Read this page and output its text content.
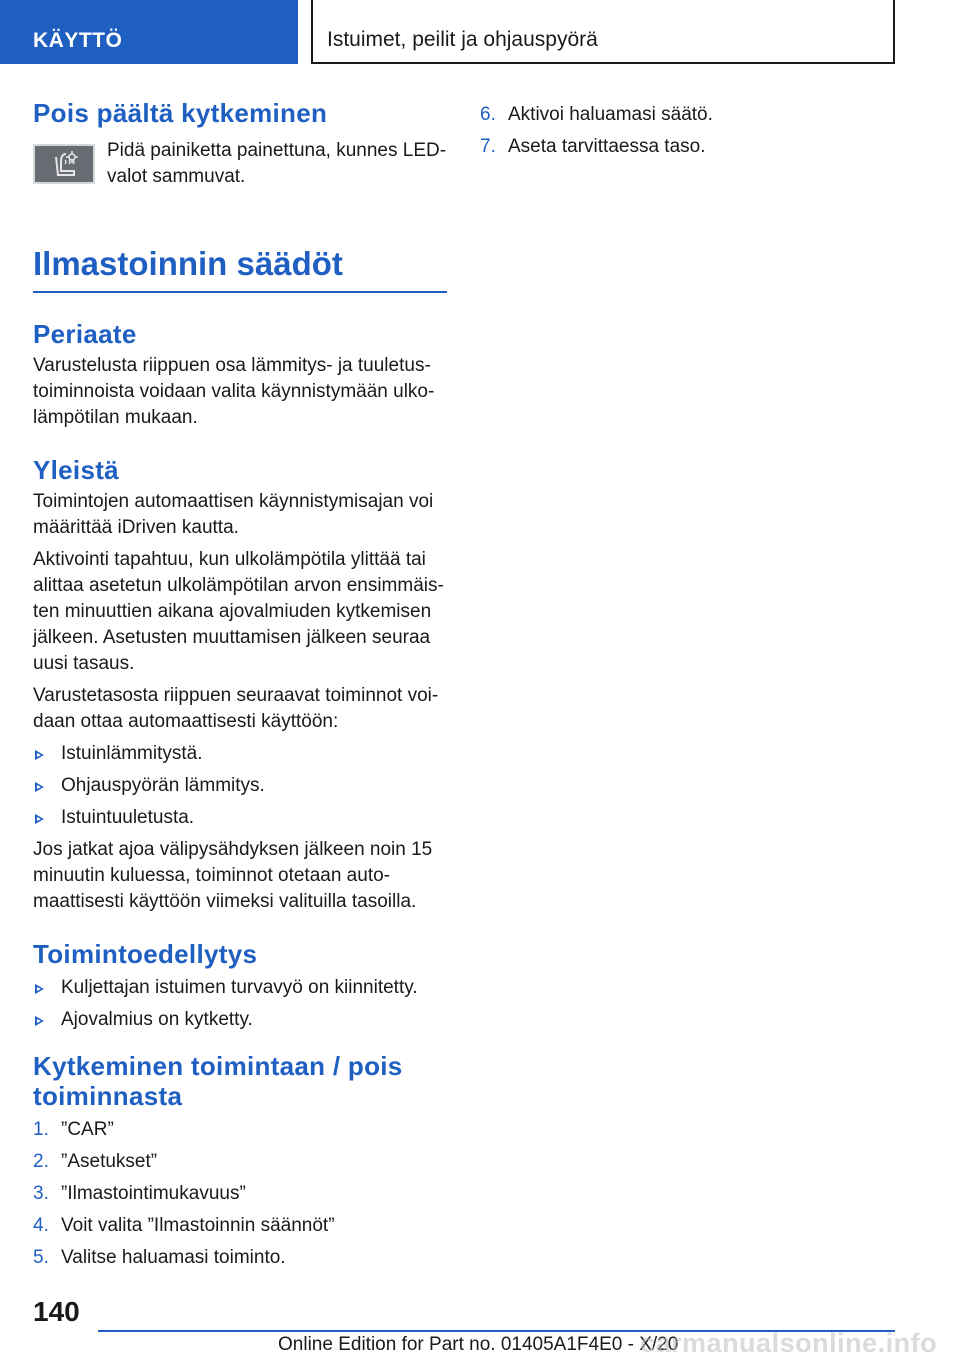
KÄYTTÖ	Istuimet, peilit ja ohjauspyörä
Pois päältä kytkeminen
Pidä painiketta painettuna, kunnes LED-valot sammuvat.
Ilmastoinnin säädöt
Periaate

Varustelusta riippuen osa lämmitys- ja tuuletus-toiminnoista voidaan valita käynnistymään ulko-lämpötilan mukaan.

Yleistä

Toimintojen automaattisen käynnistymisajan voi määrittää iDriven kautta.

Aktivointi tapahtuu, kun ulkolämpötila ylittää tai alittaa asetetun ulkolämpötilan arvon ensimmäis-ten minuuttien aikana ajovalmiuden kytkemisen jälkeen. Asetusten muuttamisen jälkeen seuraa uusi tasaus.

Varustetasosta riippuen seuraavat toiminnot voi-daan ottaa automaattisesti käyttöön:

Istuinlämmitystä.
Ohjauspyörän lämmitys.
Istuintuuletusta.

Jos jatkat ajoa välipysähdyksen jälkeen noin 15 minuutin kuluessa, toiminnot otetaan auto-maattisesti käyttöön viimeksi valituilla tasoilla.

Toimintoedellytys
Kuljettajan istuimen turvavyö on kiinnitetty.
Ajovalmius on kytketty.
Kytkeminen toimintaan / pois toiminnasta
1. ”CAR”
2. ”Asetukset”
3. ”Ilmastointimukavuus”
4. Voit valita ”Ilmastoinnin säännöt”
5. Valitse haluamasi toiminto.
6. Aktivoi haluamasi säätö.
7. Aseta tarvittaessa taso.
140
Online Edition for Part no. 01405A1F4E0 - X/20
carmanualsonline.info
